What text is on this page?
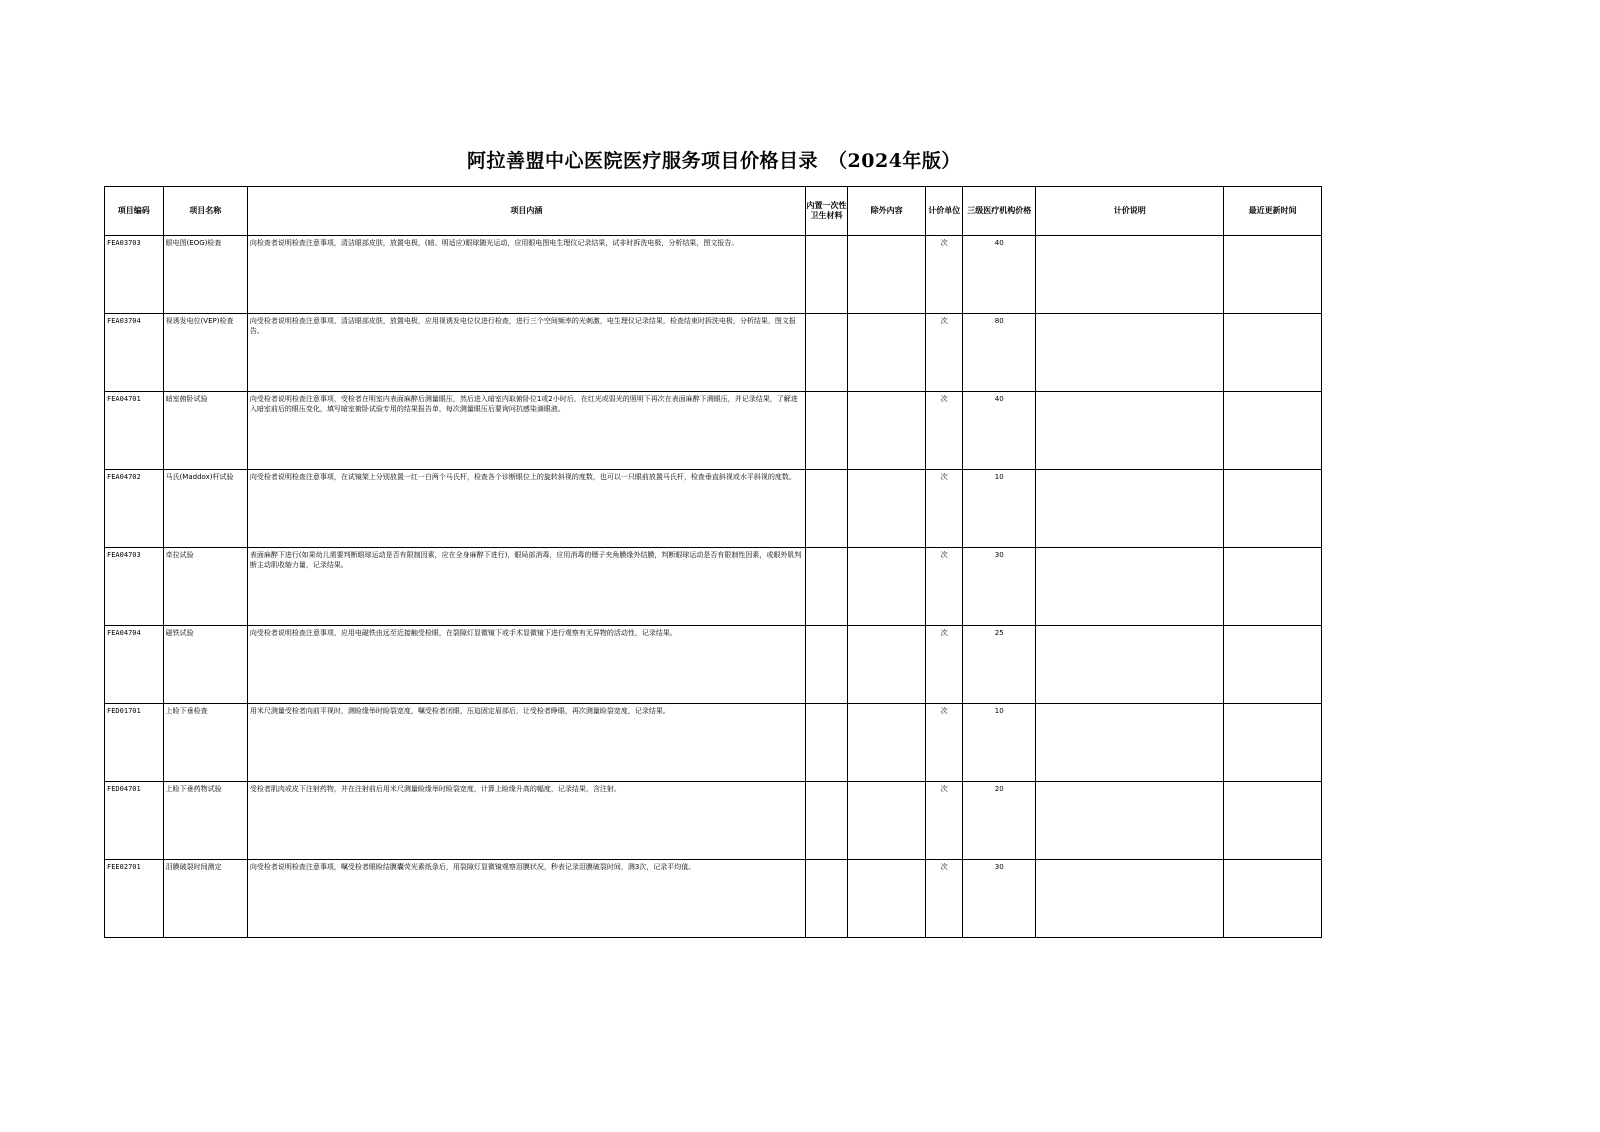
阿拉善盟中心医院医疗服务项目价格目录　（2024年版）
项目编码	项目名称	项目内涵	内置一次性卫生材料	除外内容	计价单位	三级医疗机构价格	计价说明	最近更新时间
FEA03703	眼电图(EOG)检查	向检查者说明检查注意事项，清洁眼部皮肤，放置电极，(暗、明适应)眼球随光运动，应用眼电图电生理仪记录结果，试非时拆洗电极，分析结果，图文报告。			次	40		
FEA03704	视诱发电位(VEP)检查	向受检者说明检查注意事项，清洁眼部皮肤，放置电极，应用视诱发电位仪进行检查，进行三个空间频率的光刺激，电生理仪记录结果，检查结束时拆洗电极，分析结果，图文报告。			次	80		
FEA04701	暗室俯卧试验	向受检者说明检查注意事项，受检者在明室内表面麻醉后测量眼压，然后进入暗室内取俯卧位1或2小时后，在红光或弱光的照明下再次在表面麻醉下测眼压，并记录结果，了解进入暗室前后的眼压变化，填写暗室俯卧试验专用的结果报告单，每次测量眼压后要询问抗感染滴眼液。			次	40		
FEA04702	马氏(Maddox)杆试验	向受检者说明检查注意事项，在试镜架上分别放置一红一白两个马氏杆，检查各个诊断眼位上的旋转斜视的度数，也可以一只眼前放置马氏杆，检查垂直斜视或水平斜视的度数。			次	10		
FEA04703	牵拉试验	表面麻醉下进行(如果幼儿需要判断眼球运动是否有限制因素，应在全身麻醉下进行)，眼局部消毒，应用消毒的镊子夹角膜缘外结膜，判断眼球运动是否有限制性因素，或眼外肌判断主动肌收缩力量，记录结果。			次	30		
FEA04704	磁铁试验	向受检者说明检查注意事项，应用电磁铁由远至近接触受检眼，在裂隙灯显微镜下或手术显微镜下进行观察有无异物的活动性，记录结果。			次	25		
FED01701	上睑下垂检查	用米尺测量受检者向前平视时，测睑缘举时睑裂宽度，嘱受检者闭眼，压迫固定眉部后，让受检者睁眼，再次测量睑裂宽度，记录结果。			次	10		
FED04701	上睑下垂药物试验	受检者肌肉或皮下注射药物，并在注射前后用米尺测量睑缘举时睑裂宽度，计算上睑缘升高的幅度，记录结果，含注射。			次	20		
FEE02701	泪膜破裂时间测定	向受检者说明检查注意事项，嘱受检者眼睑结膜囊荧光素纸条后，用裂隙灯显微镜观察泪膜状况，秒表记录泪膜破裂时间，测3次，记录平均值。			次	30		
